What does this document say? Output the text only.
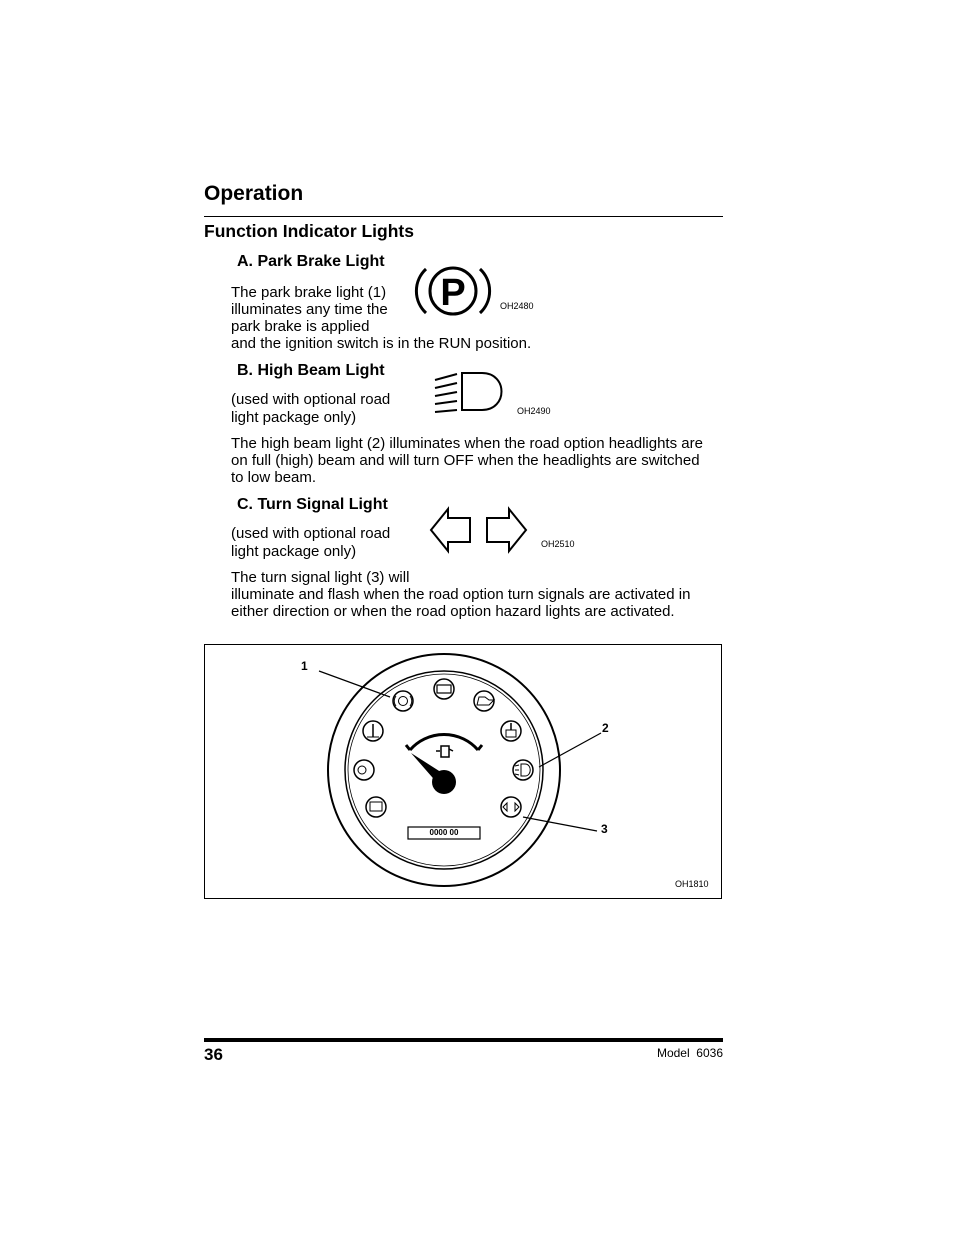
Operation
Function Indicator Lights
A. Park Brake Light
The park brake light (1)
illuminates any time the
park brake is applied
and the ignition switch is in the RUN position.
P	OH2480
B. High Beam Light
(used with optional road
light package only)	OH2490
The high beam light (2) illuminates when the road option headlights are
on full (high) beam and will turn OFF when the headlights are switched
to low beam.
C. Turn Signal Light
(used with optional road
light package only)	OH2510
The turn signal light (3) will
illuminate and flash when the road option turn signals are activated in
either direction or when the road option hazard lights are activated.
0000 00
1
2
3
OH1810
36	Model  6036
